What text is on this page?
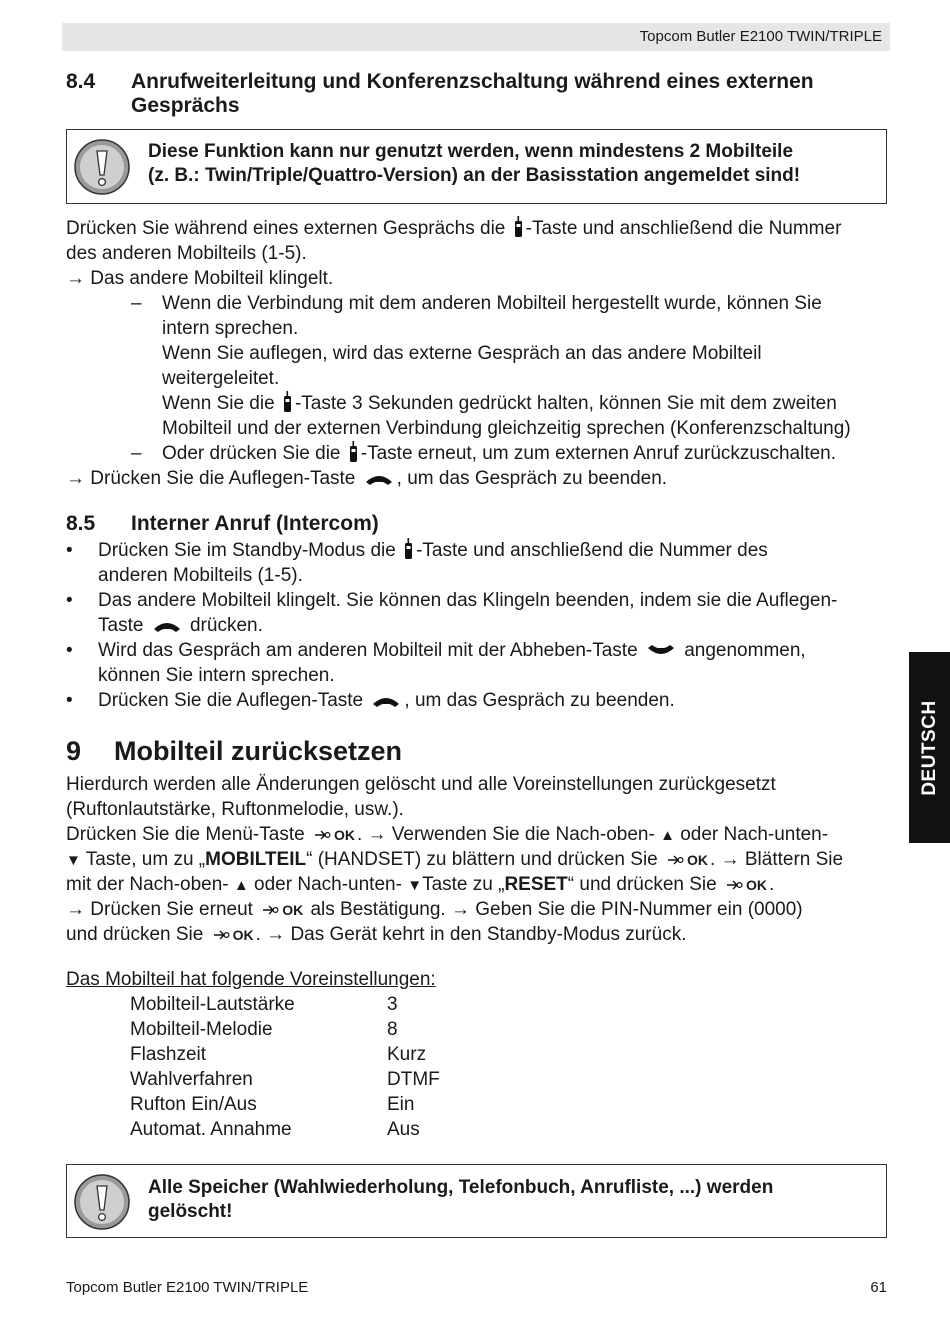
Topcom Butler E2100 TWIN/TRIPLE
8.4 Anrufweiterleitung und Konferenzschaltung während eines externen
Gesprächs
Diese Funktion kann nur genutzt werden, wenn mindestens 2 Mobilteile
(z. B.: Twin/Triple/Quattro-Version) an der Basisstation angemeldet sind!
Drücken Sie während eines externen Gesprächs die -Taste und anschließend die Nummer
des anderen Mobilteils (1-5).
→ Das andere Mobilteil klingelt.
– Wenn die Verbindung mit dem anderen Mobilteil hergestellt wurde, können Sie
intern sprechen.
Wenn Sie auflegen, wird das externe Gespräch an das andere Mobilteil
weitergeleitet.
Wenn Sie die -Taste 3 Sekunden gedrückt halten, können Sie mit dem zweiten
Mobilteil und der externen Verbindung gleichzeitig sprechen (Konferenzschaltung)
– Oder drücken Sie die -Taste erneut, um zum externen Anruf zurückzuschalten.
→ Drücken Sie die Auflegen-Taste , um das Gespräch zu beenden.
8.5 Interner Anruf (Intercom)
• Drücken Sie im Standby-Modus die -Taste und anschließend die Nummer des
anderen Mobilteils (1-5).
• Das andere Mobilteil klingelt. Sie können das Klingeln beenden, indem sie die Auflegen-
Taste drücken.
• Wird das Gespräch am anderen Mobilteil mit der Abheben-Taste angenommen,
können Sie intern sprechen.
• Drücken Sie die Auflegen-Taste , um das Gespräch zu beenden.
9 Mobilteil zurücksetzen
Hierdurch werden alle Änderungen gelöscht und alle Voreinstellungen zurückgesetzt
(Ruftonlautstärke, Ruftonmelodie, usw.).
Drücken Sie die Menü-Taste OK . → Verwenden Sie die Nach-oben- ▲ oder Nach-unten-
▼ Taste, um zu „MOBILTEIL“ (HANDSET) zu blättern und drücken Sie OK . → Blättern Sie
mit der Nach-oben- ▲ oder Nach-unten- ▼Taste zu „RESET“ und drücken Sie OK .
→ Drücken Sie erneut OK als Bestätigung. → Geben Sie die PIN-Nummer ein (0000)
und drücken Sie OK . → Das Gerät kehrt in den Standby-Modus zurück.
Das Mobilteil hat folgende Voreinstellungen:
Mobilteil-Lautstärke	3
Mobilteil-Melodie	8
Flashzeit	Kurz
Wahlverfahren	DTMF
Rufton Ein/Aus	Ein
Automat. Annahme	Aus
Alle Speicher (Wahlwiederholung, Telefonbuch, Anrufliste, ...) werden
gelöscht!
DEUTSCH
Topcom Butler E2100 TWIN/TRIPLE	61
